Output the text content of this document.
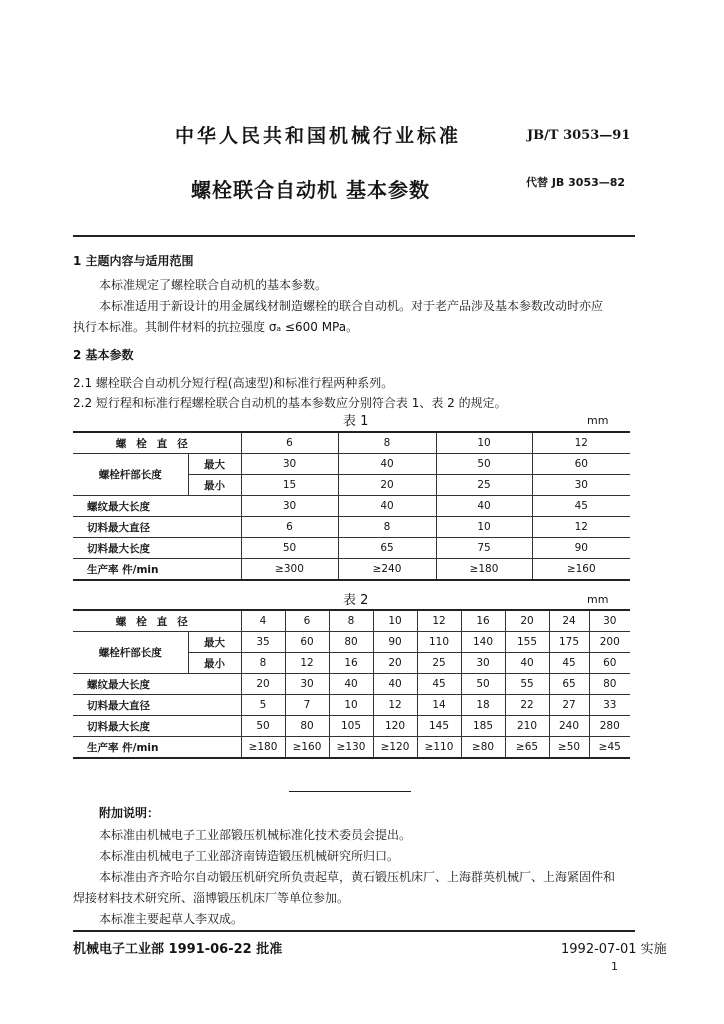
中华人民共和国机械行业标准	JB/T 3053—91
螺栓联合自动机 基本参数	代替 JB 3053—82
1 主题内容与适用范围
本标准规定了螺栓联合自动机的基本参数。
本标准适用于新设计的用金属线材制造螺栓的联合自动机。对于老产品涉及基本参数改动时亦应
执行本标准。其制件材料的抗拉强度 σₐ ≤600 MPa。
2 基本参数
2.1 螺栓联合自动机分短行程(高速型)和标准行程两种系列。
2.2 短行程和标准行程螺栓联合自动机的基本参数应分别符合表 1、表 2 的规定。
表 1	mm
螺栓直径		6	8	10	12
螺栓杆部长度	最大	30	40	50	60
	最小	15	20	25	30
螺纹最大长度		30	40	40	45
切料最大直径		6	8	10	12
切料最大长度		50	65	75	90
生产率 件/min		≥300	≥240	≥180	≥160
表 2	mm
螺栓直径		4	6	8	10	12	16	20	24	30
螺栓杆部长度	最大	35	60	80	90	110	140	155	175	200
	最小	8	12	16	20	25	30	40	45	60
螺纹最大长度		20	30	40	40	45	50	55	65	80
切料最大直径		5	7	10	12	14	18	22	27	33
切料最大长度		50	80	105	120	145	185	210	240	280
生产率 件/min		≥180	≥160	≥130	≥120	≥110	≥80	≥65	≥50	≥45
附加说明：
本标准由机械电子工业部锻压机械标准化技术委员会提出。
本标准由机械电子工业部济南铸造锻压机械研究所归口。
本标准由齐齐哈尔自动锻压机研究所负责起草，黄石锻压机床厂、上海群英机械厂、上海紧固件和
焊接材料技术研究所、淄博锻压机床厂等单位参加。
本标准主要起草人李双成。
机械电子工业部 1991-06-22 批准	1992-07-01 实施
1
